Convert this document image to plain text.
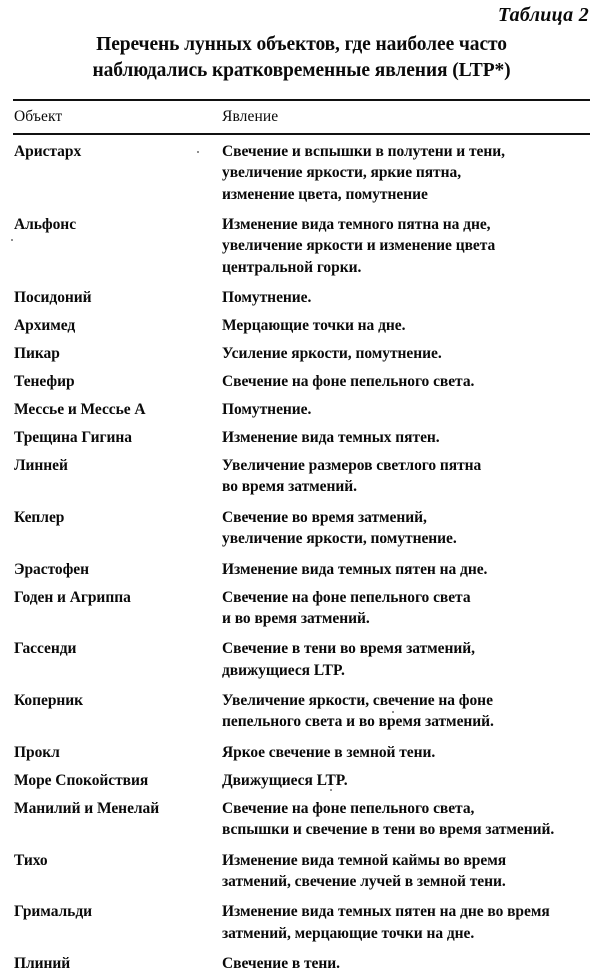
Таблица 2
Перечень лунных объектов, где наиболее часто
наблюдались кратковременные явления (LTP*)
Объект	Явление
Аристарх	Свечение и вспышки в полутени и тени,
увеличение яркости, яркие пятна,
изменение цвета, помутнение

Альфонс	Изменение вида темного пятна на дне,
увеличение яркости и изменение цвета
центральной горки.

Посидоний	Помутнение.

Архимед	Мерцающие точки на дне.

Пикар	Усиление яркости, помутнение.

Тенефир	Свечение на фоне пепельного света.

Мессье и Мессье А	Помутнение.

Трещина Гигина	Изменение вида темных пятен.

Линней	Увеличение размеров светлого пятна
во время затмений.

Кеплер	Свечение во время затмений,
увеличение яркости, помутнение.

Эрастофен	Изменение вида темных пятен на дне.

Годен и Агриппа	Свечение на фоне пепельного света
и во время затмений.

Гассенди	Свечение в тени во время затмений,
движущиеся LTP.

Коперник	Увеличение яркости, свечение на фоне
пепельного света и во время затмений.

Прокл	Яркое свечение в земной тени.

Море Спокойствия	Движущиеся LTP.

Манилий и Менелай	Свечение на фоне пепельного света,
вспышки и свечение в тени во время затмений.

Тихо	Изменение вида темной каймы во время
затмений, свечение лучей в земной тени.

Гримальди	Изменение вида темных пятен на дне во время
затмений, мерцающие точки на дне.

Плиний	Свечение в тени.
